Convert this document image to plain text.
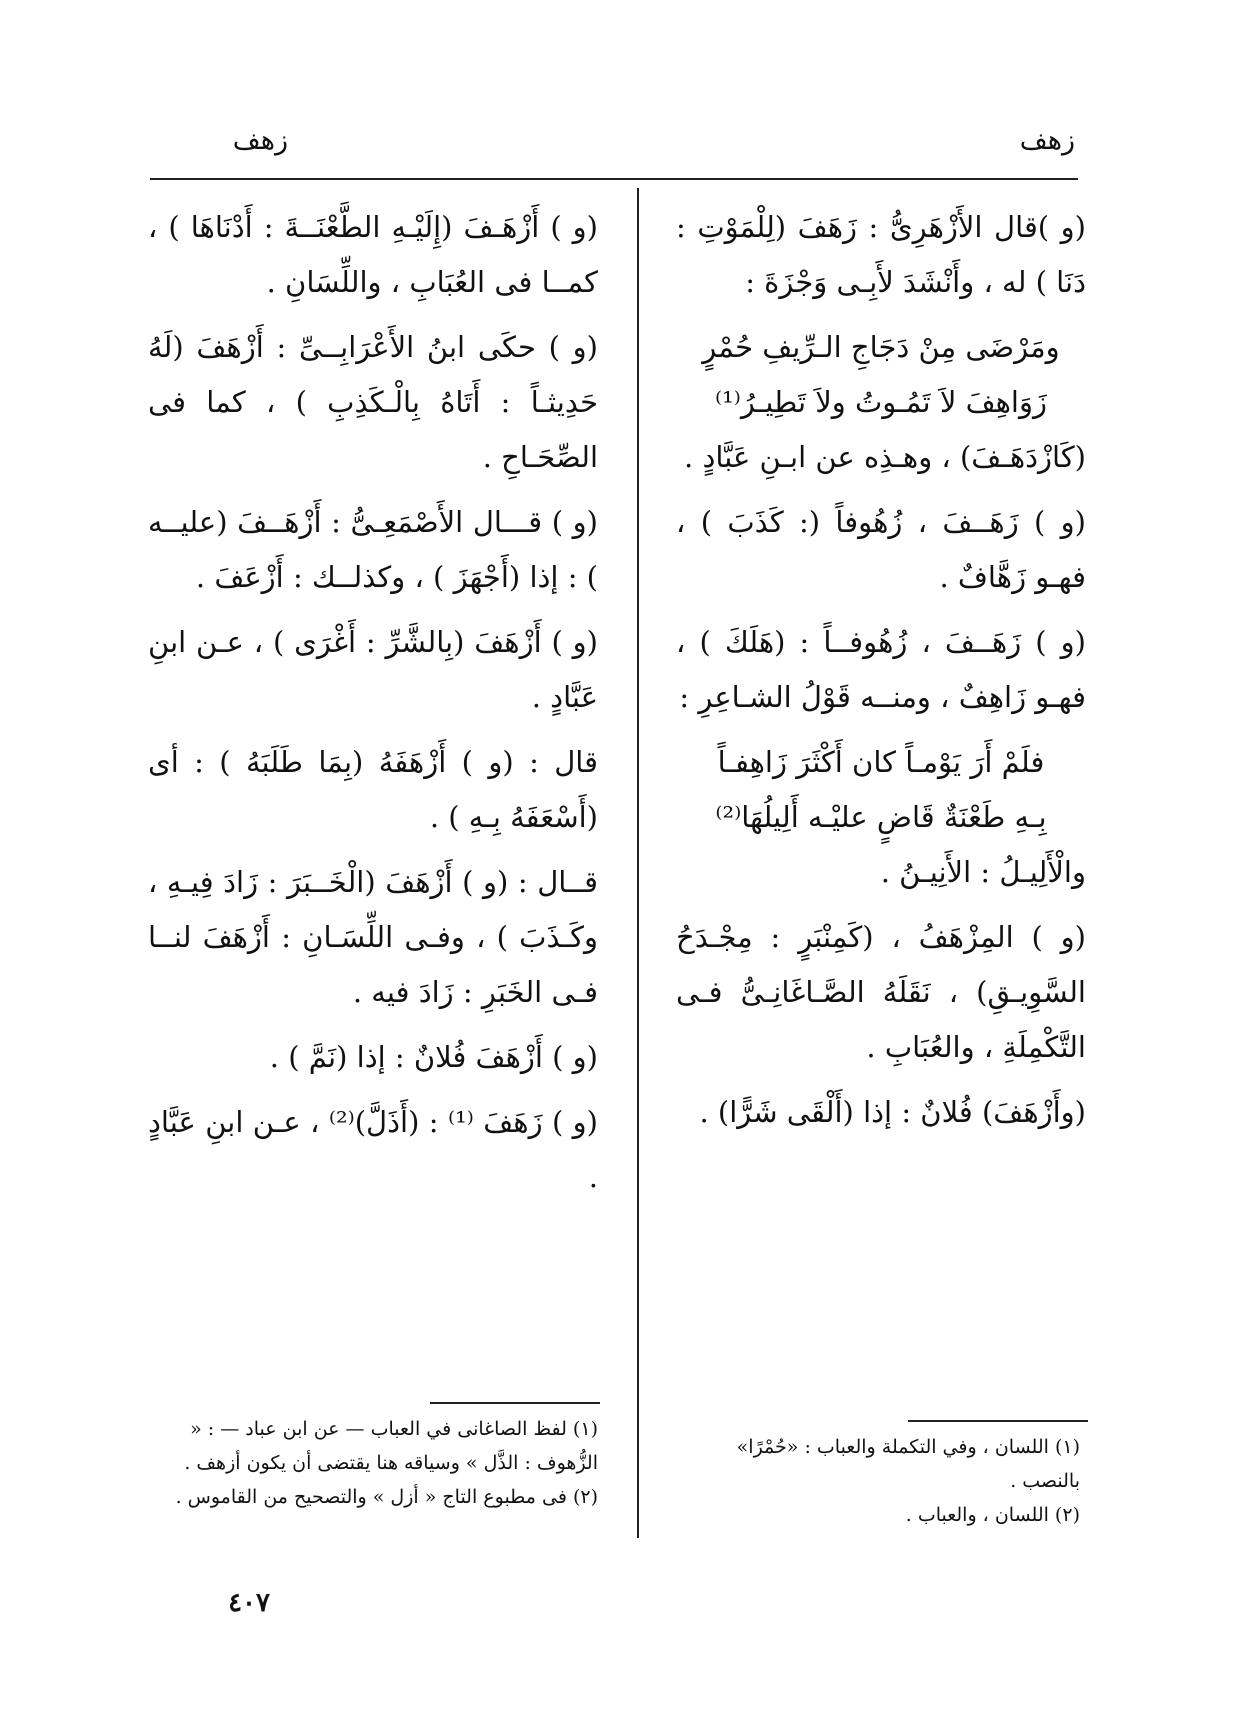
زهف
زهف

(و )قال الأَزْهَرِىُّ : زَهَفَ (لِلْمَوْتِ : دَنَا ) له ، وأَنْشَدَ لأَبِـى وَجْزَةَ :

ومَرْضَى مِنْ دَجَاجِ الـرِّيفِ حُمْرٍ
زَوَاهِفَ لاَ تَمُـوتُ ولاَ تَطِيـرُ⁽¹⁾

(كَازْدَهَـفَ) ، وهـذِه عن ابـنِ عَبَّادٍ .

(و ) زَهَــفَ ، زُهُوفاً (: كَذَبَ ) ، فهـو زَهَّافٌ .

(و ) زَهَــفَ ، زُهُوفــاً : (هَلَكَ ) ، فهـو زَاهِفٌ ، ومنــه قَوْلُ الشـاعِرِ :

فلَمْ أَرَ يَوْمـاً كان أَكْثَرَ زَاهِفـاً
بِـهِ طَعْنَةٌ قَاضٍ عليْـه أَلِيلُهَا⁽²⁾

والْأَلِيـلُ : الأَنِيـنُ .

(و ) المِزْهَفُ ، (كَمِنْبَرٍ : مِجْـدَحُ السَّوِيـقِ) ، نَقَلَهُ الصَّـاغَانِـىُّ فـى التَّكْمِلَةِ ، والعُبَابِ .

(وأَزْهَفَ) فُلانٌ : إذا (أَلْقَى شَرًّا) .

(و ) أَزْهَـفَ (إِلَيْـهِ الطَّعْنَــةَ : أَدْنَاهَا ) ، كمــا فى العُبَابِ ، واللِّسَانِ .

(و ) حكَى ابنُ الأَعْرَابِــىِّ : أَزْهَفَ (لَهُ حَدِيثـاً : أَتَاهُ بِالْـكَذِبِ ) ، كما فى الصِّحَـاحِ .

(و ) قـــال الأَصْمَعِـىُّ : أَزْهَــفَ (عليــه ) : إذا (أَجْهَزَ ) ، وكذلــك : أَزْعَفَ .

(و ) أَزْهَفَ (بِالشَّرِّ : أَغْرَى ) ، عـن ابنِ عَبَّادٍ .

قال : (و ) أَزْهَفَهُ (بِمَا طَلَبَهُ ) : أى (أَسْعَفَهُ بِـهِ ) .

قــال : (و ) أَزْهَفَ (الْخَــبَرَ : زَادَ فِيـهِ ، وكَـذَبَ ) ، وفـى اللِّسَـانِ : أَزْهَفَ لنــا فـى الخَبَرِ : زَادَ فيه .

(و ) أَزْهَفَ فُلانٌ : إذا (نَمَّ ) .

(و ) زَهَفَ ⁽¹⁾ : (أَذَلَّ)⁽²⁾ ، عـن ابنِ عَبَّادٍ .

(١) اللسان ، وفي التكملة والعباب : «حُمْرًا» بالنصب .

(٢) اللسان ، والعباب .

(١) لفظ الصاغانى في العباب — عن ابن عباد — : « الزُّهوف : الذَّل » وسياقه هنا يقتضى أن يكون أزهف .

(٢) فى مطبوع التاج « أزل » والتصحيح من القاموس .

٤٠٧
